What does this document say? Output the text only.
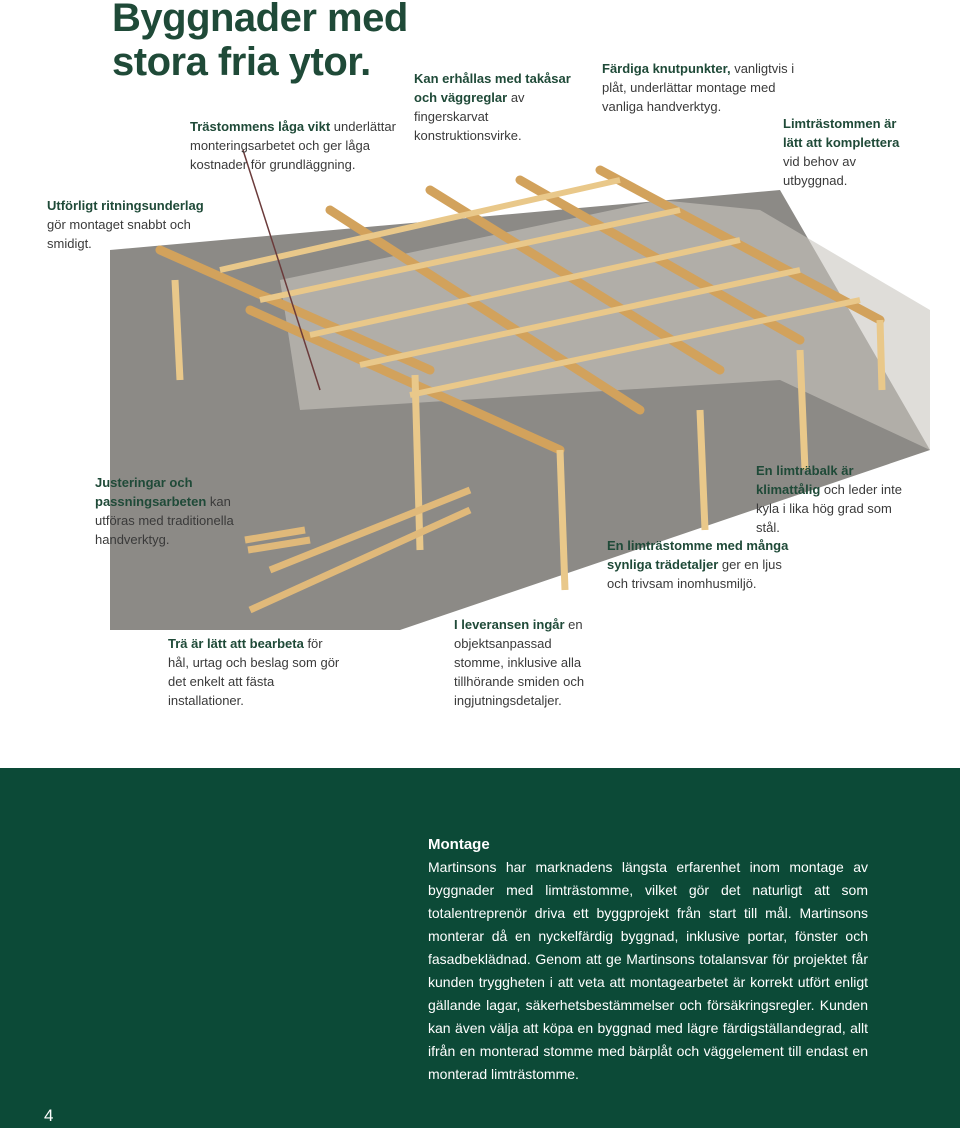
Byggnader med stora fria ytor.
Trästommens låga vikt underlättar monteringsarbetet och ger låga kostnader för grundläggning.
Kan erhållas med takåsar och väggreglar av fingerskarvat konstruktionsvirke.
Färdiga knutpunkter, vanligtvis i plåt, underlättar montage med vanliga handverktyg.
Limträstommen är lätt att komplettera vid behov av utbyggnad.
Utförligt ritningsunderlag gör montaget snabbt och smidigt.
Justeringar och passningsarbeten kan utföras med traditionella handverktyg.
En limträbalk är klimattålig och leder inte kyla i lika hög grad som stål.
En limträstomme med många synliga trädetaljer ger en ljus och trivsam inomhusmiljö.
Trä är lätt att bearbeta för hål, urtag och beslag som gör det enkelt att fästa installationer.
I leveransen ingår en objektsanpassad stomme, inklusive alla tillhörande smiden och ingjutningsdetaljer.
Montage

Martinsons har marknadens längsta erfarenhet inom montage av byggnader med limträstomme, vilket gör det naturligt att som totalentreprenör driva ett byggprojekt från start till mål. Martinsons monterar då en nyckelfärdig byggnad, inklusive portar, fönster och fasadbeklädnad. Genom att ge Martinsons totalansvar för projektet får kunden tryggheten i att veta att montagearbetet är korrekt utfört enligt gällande lagar, säkerhetsbestämmelser och försäkringsregler. Kunden kan även välja att köpa en byggnad med lägre färdigställandegrad, allt ifrån en monterad stomme med bärplåt och väggelement till endast en monterad limträstomme.

4
